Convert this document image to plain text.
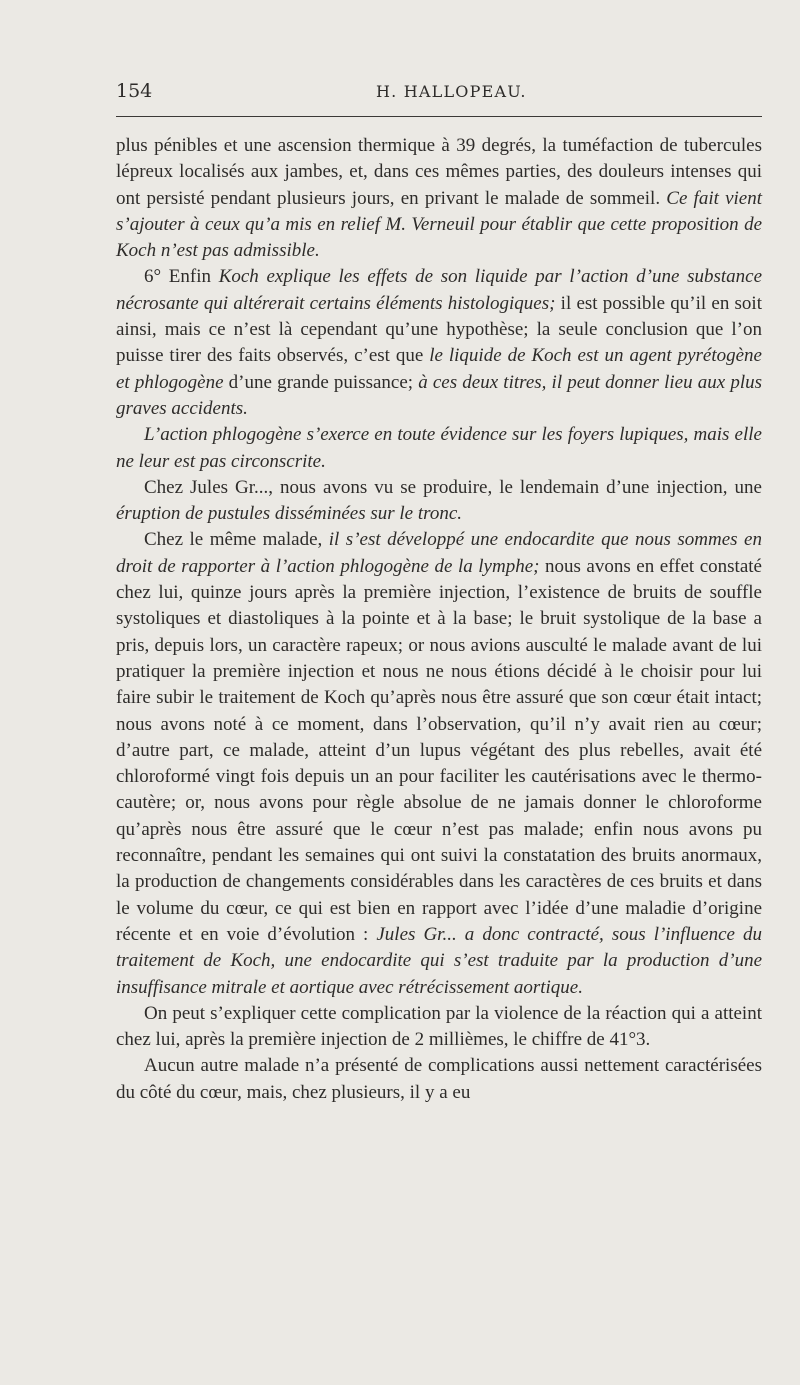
154	H. HALLOPEAU.

plus pénibles et une ascension thermique à 39 degrés, la tuméfaction de tubercules lépreux localisés aux jambes, et, dans ces mêmes parties, des douleurs intenses qui ont persisté pendant plusieurs jours, en privant le malade de sommeil. Ce fait vient s’ajouter à ceux qu’a mis en relief M. Verneuil pour établir que cette proposition de Koch n’est pas admissible.

6° Enfin Koch explique les effets de son liquide par l’action d’une substance nécrosante qui altérerait certains éléments histologiques; il est possible qu’il en soit ainsi, mais ce n’est là cependant qu’une hypothèse; la seule conclusion que l’on puisse tirer des faits observés, c’est que le liquide de Koch est un agent pyrétogène et phlogogène d’une grande puissance; à ces deux titres, il peut donner lieu aux plus graves accidents.

L’action phlogogène s’exerce en toute évidence sur les foyers lupiques, mais elle ne leur est pas circonscrite.

Chez Jules Gr..., nous avons vu se produire, le lendemain d’une injection, une éruption de pustules disséminées sur le tronc.

Chez le même malade, il s’est développé une endocardite que nous sommes en droit de rapporter à l’action phlogogène de la lymphe; nous avons en effet constaté chez lui, quinze jours après la première injection, l’existence de bruits de souffle systoliques et diastoliques à la pointe et à la base; le bruit systolique de la base a pris, depuis lors, un caractère rapeux; or nous avions ausculté le malade avant de lui pratiquer la première injection et nous ne nous étions décidé à le choisir pour lui faire subir le traitement de Koch qu’après nous être assuré que son cœur était intact; nous avons noté à ce moment, dans l’observation, qu’il n’y avait rien au cœur; d’autre part, ce malade, atteint d’un lupus végétant des plus rebelles, avait été chloroformé vingt fois depuis un an pour faciliter les cautérisations avec le thermo-cautère; or, nous avons pour règle absolue de ne jamais donner le chloroforme qu’après nous être assuré que le cœur n’est pas malade; enfin nous avons pu reconnaître, pendant les semaines qui ont suivi la constatation des bruits anormaux, la production de changements considérables dans les caractères de ces bruits et dans le volume du cœur, ce qui est bien en rapport avec l’idée d’une maladie d’origine récente et en voie d’évolution : Jules Gr... a donc contracté, sous l’influence du traitement de Koch, une endocardite qui s’est traduite par la production d’une insuffisance mitrale et aortique avec rétrécissement aortique.

On peut s’expliquer cette complication par la violence de la réaction qui a atteint chez lui, après la première injection de 2 millièmes, le chiffre de 41°3.

Aucun autre malade n’a présenté de complications aussi nettement caractérisées du côté du cœur, mais, chez plusieurs, il y a eu
